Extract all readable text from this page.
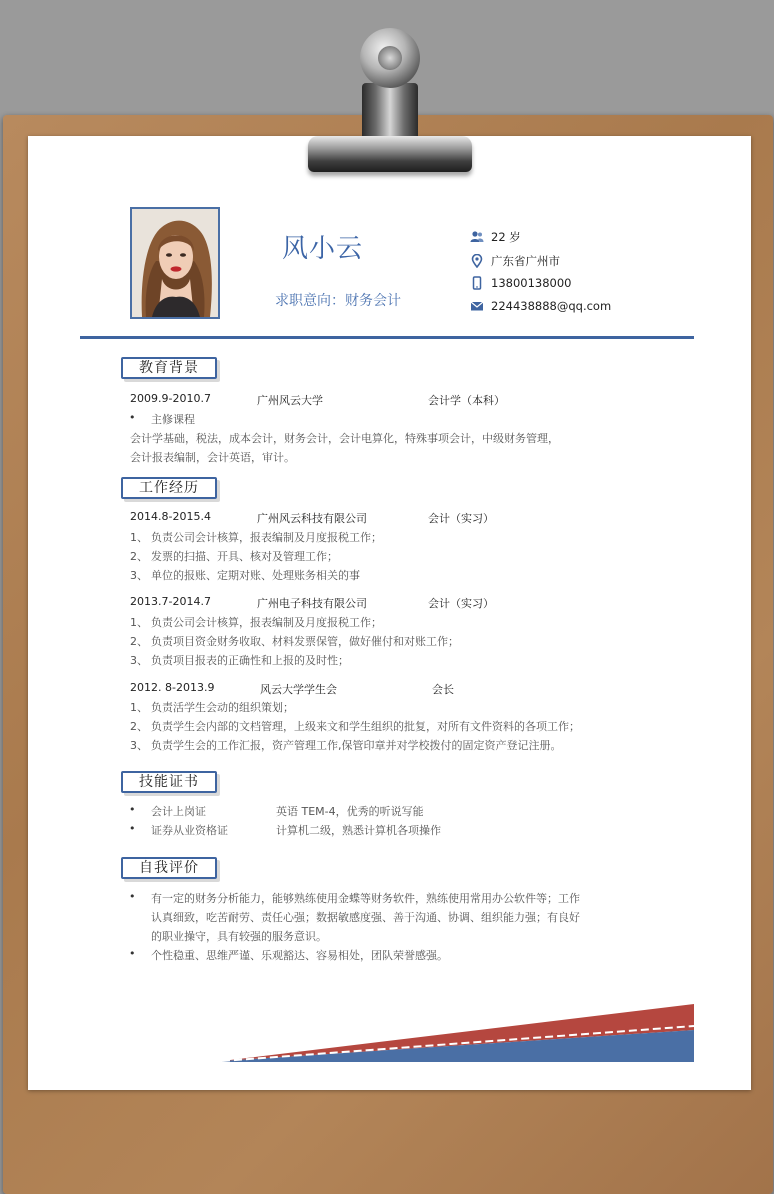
风小云
求职意向：财务会计
22 岁
广东省广州市
13800138000
224438888@qq.com
教育背景
2009.9-2010.7	广州风云大学	会计学（本科）
• 主修课程
会计学基础，税法，成本会计，财务会计，会计电算化，特殊事项会计，中级财务管理，
会计报表编制，会计英语，审计。
工作经历
2014.8-2015.4	广州风云科技有限公司	会计（实习）
1、 负责公司会计核算，报表编制及月度报税工作；
2、 发票的扫描、开具、核对及管理工作；
3、 单位的报账、定期对账、处理账务相关的事
2013.7-2014.7	广州电子科技有限公司	会计（实习）
1、 负责公司会计核算，报表编制及月度报税工作；
2、 负责项目资金财务收取、材料发票保管，做好催付和对账工作；
3、 负责项目报表的正确性和上报的及时性；
2012. 8-2013.9	风云大学学生会	会长
1、 负责活学生会动的组织策划；
2、 负责学生会内部的文档管理，上级来文和学生组织的批复，对所有文件资料的各项工作；
3、 负责学生会的工作汇报，资产管理工作,保管印章并对学校拨付的固定资产登记注册。
技能证书
• 会计上岗证	英语 TEM-4，优秀的听说写能
• 证券从业资格证	计算机二级，熟悉计算机各项操作
自我评价
• 有一定的财务分析能力，能够熟练使用金蝶等财务软件，熟练使用常用办公软件等；工作
认真细致，吃苦耐劳、责任心强；数据敏感度强、善于沟通、协调、组织能力强；有良好
的职业操守，具有较强的服务意识。
• 个性稳重、思维严谨、乐观豁达、容易相处，团队荣誉感强。
